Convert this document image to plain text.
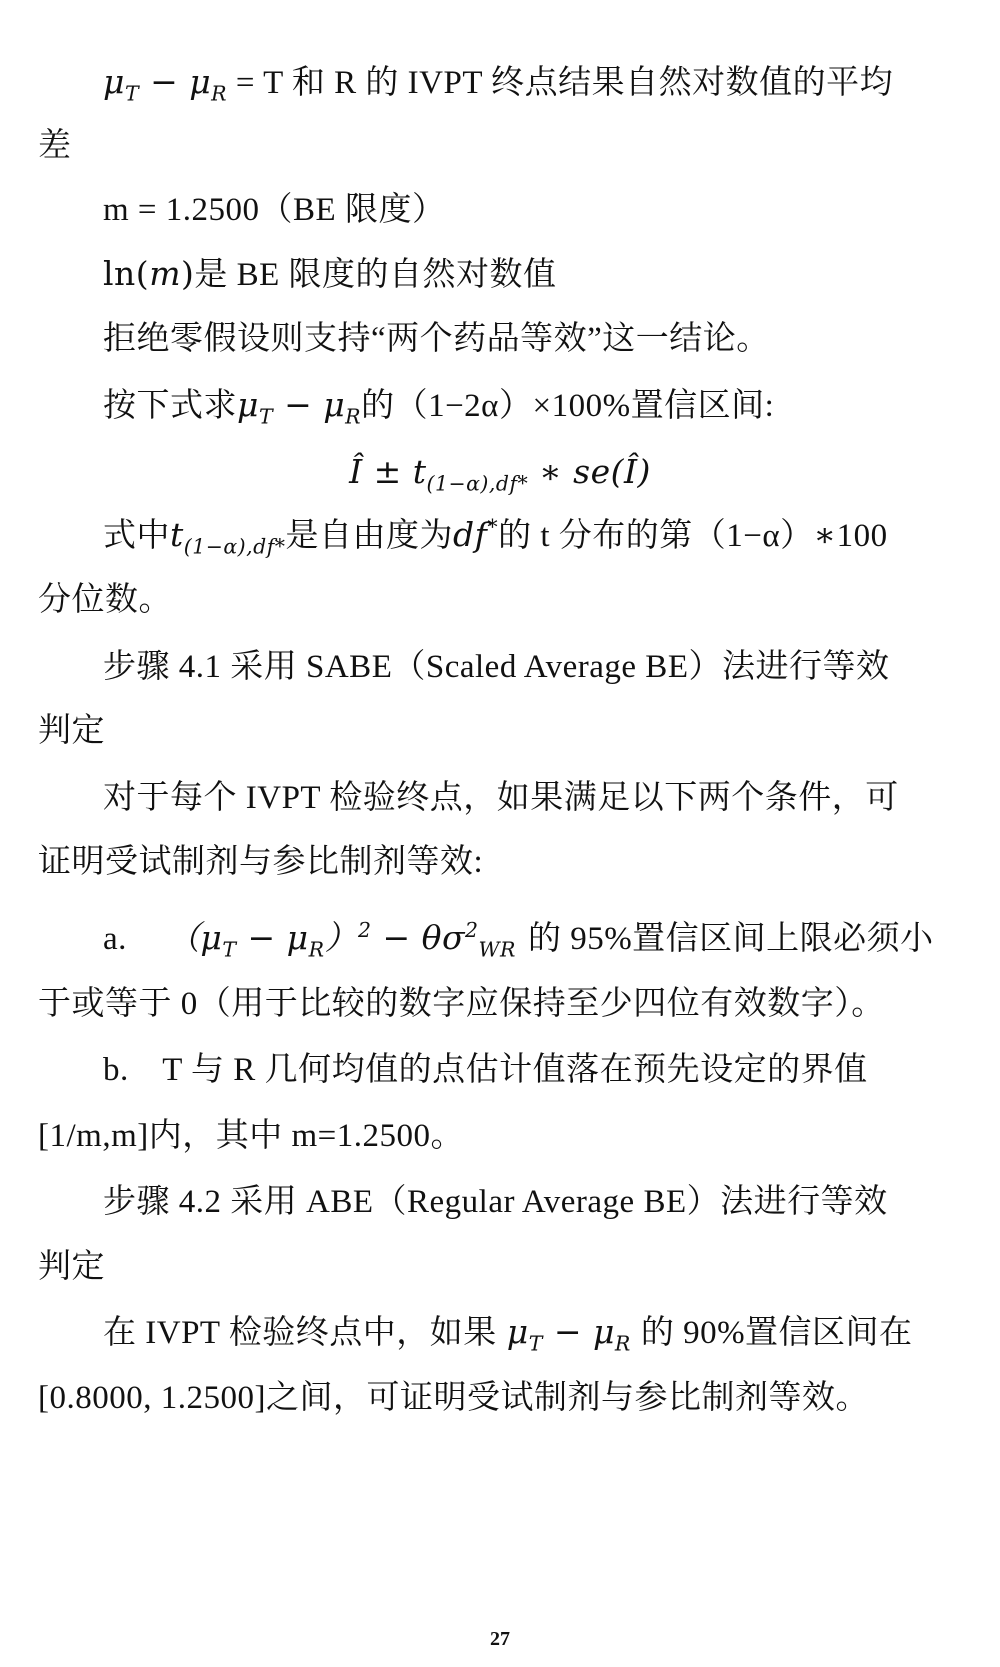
$\mu_T - \mu_R = T$ 和 R 的 IVPT 终点结果自然对数值的平均
差
m = 1.2500（BE 限度）
ln(m)是 BE 限度的自然对数值
拒绝零假设则支持“两个药品等效”这一结论。
按下式求$\mu_T - \mu_R$的（1−2α）×100%置信区间:
Î ± $t_{(1-\alpha),df*}$ ∗ se(Î)
式中$t_{(1-\alpha),df*}$是自由度为df*的 t 分布的第（1−α）∗100
分位数。
步骤 4.1 采用 SABE（Scaled Average BE）法进行等效
判定
对于每个 IVPT 检验终点，如果满足以下两个条件，可
证明受试制剂与参比制剂等效:
a. $(\mu_T - \mu_R)^2 - \theta\sigma^2_{WR}$ 的 95%置信区间上限必须小
于或等于 0（用于比较的数字应保持至少四位有效数字）。
b.　T 与 R 几何均值的点估计值落在预先设定的界值
[1/m,m]内，其中 m=1.2500。
步骤 4.2 采用 ABE（Regular Average BE）法进行等效
判定
在 IVPT 检验终点中，如果 $\mu_T - \mu_R$ 的 90%置信区间在
[0.8000, 1.2500]之间，可证明受试制剂与参比制剂等效。
27
